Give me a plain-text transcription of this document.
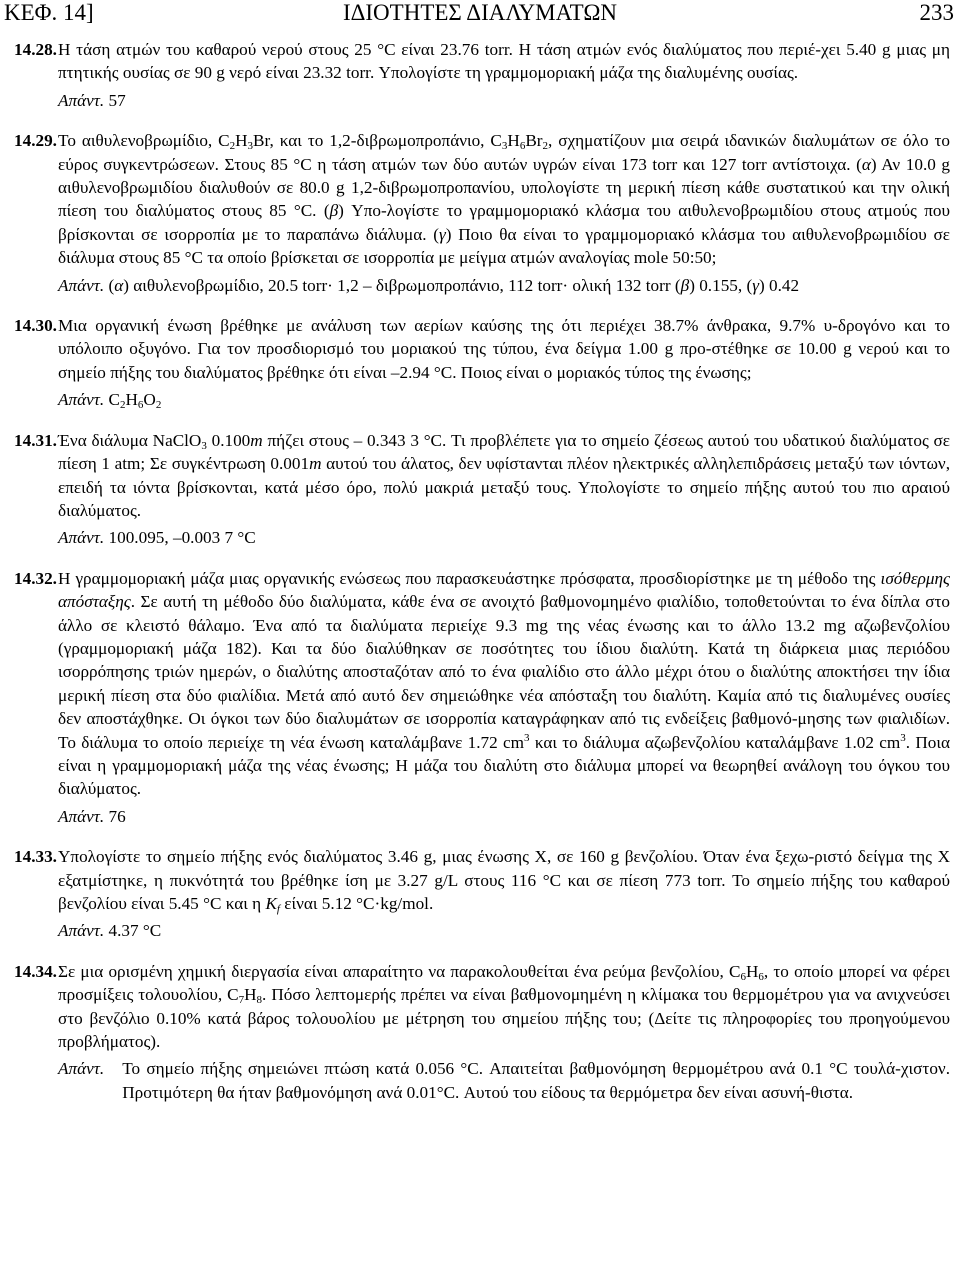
ΚΕΦ. 14]	ΙΔΙΟΤΗΤΕΣ ΔΙΑΛΥΜΑΤΩΝ	233
14.28. Η τάση ατμών του καθαρού νερού στους 25 °C είναι 23.76 torr. Η τάση ατμών ενός διαλύματος που περιέ-χει 5.40 g μιας μη πτητικής ουσίας σε 90 g νερό είναι 23.32 torr. Υπολογίστε τη γραμμομοριακή μάζα της διαλυμένης ουσίας.
Απάντ. 57
14.29. Το αιθυλενοβρωμίδιο, $C_2H_3Br$, και το 1,2-διβρωμοπροπάνιο, $C_3H_6Br_2$, σχηματίζουν μια σειρά ιδανικών διαλυμάτων σε όλο το εύρος συγκεντρώσεων. Στους 85 °C η τάση ατμών των δύο αυτών υγρών είναι 173 torr και 127 torr αντίστοιχα. (α) Αν 10.0 g αιθυλενοβρωμιδίου διαλυθούν σε 80.0 g 1,2-διβρωμοπροπανίου, υπολογίστε τη μερική πίεση κάθε συστατικού και την ολική πίεση του διαλύματος στους 85 °C. (β) Υπο-λογίστε το γραμμομοριακό κλάσμα του αιθυλενοβρωμιδίου στους ατμούς που βρίσκονται σε ισορροπία με το παραπάνω διάλυμα. (γ) Ποιο θα είναι το γραμμομοριακό κλάσμα του αιθυλενοβρωμιδίου σε διάλυμα στους 85 °C τα οποίο βρίσκεται σε ισορροπία με μείγμα ατμών αναλογίας mole 50:50;
Απάντ. (α) αιθυλενοβρωμίδιο, 20.5 torr· 1,2 – διβρωμοπροπάνιο, 112 torr· ολική 132 torr (β) 0.155, (γ) 0.42
14.30. Μια οργανική ένωση βρέθηκε με ανάλυση των αερίων καύσης της ότι περιέχει 38.7% άνθρακα, 9.7% υ-δρογόνο και το υπόλοιπο οξυγόνο. Για τον προσδιορισμό του μοριακού της τύπου, ένα δείγμα 1.00 g προ-στέθηκε σε 10.00 g νερού και το σημείο πήξης του διαλύματος βρέθηκε ότι είναι –2.94 °C. Ποιος είναι ο μοριακός τύπος της ένωσης;
Απάντ. $C_2H_6O_2$
14.31. Ένα διάλυμα NaClO$_3$ 0.100m πήζει στους – 0.343 3 °C. Τι προβλέπετε για το σημείο ζέσεως αυτού του υδατικού διαλύματος σε πίεση 1 atm; Σε συγκέντρωση 0.001m αυτού του άλατος, δεν υφίστανται πλέον ηλεκτρικές αλληλεπιδράσεις μεταξύ των ιόντων, επειδή τα ιόντα βρίσκονται, κατά μέσο όρο, πολύ μακριά μεταξύ τους. Υπολογίστε το σημείο πήξης αυτού του πιο αραιού διαλύματος.
Απάντ. 100.095, –0.003 7 °C
14.32. Η γραμμομοριακή μάζα μιας οργανικής ενώσεως που παρασκευάστηκε πρόσφατα, προσδιορίστηκε με τη μέθοδο της ισόθερμης απόσταξης. Σε αυτή τη μέθοδο δύο διαλύματα, κάθε ένα σε ανοιχτό βαθμονομημένο φιαλίδιο, τοποθετούνται το ένα δίπλα στο άλλο σε κλειστό θάλαμο. Ένα από τα διαλύματα περιείχε 9.3 mg της νέας ένωσης και το άλλο 13.2 mg αζωβενζολίου (γραμμομοριακή μάζα 182). Και τα δύο διαλύθηκαν σε ποσότητες του ίδιου διαλύτη. Κατά τη διάρκεια μιας περιόδου ισορρόπησης τριών ημερών, ο διαλύτης αποσταζόταν από το ένα φιαλίδιο στο άλλο μέχρι ότου ο διαλύτης αποκτήσει την ίδια μερική πίεση στα δύο φιαλίδια. Μετά από αυτό δεν σημειώθηκε νέα απόσταξη του διαλύτη. Καμία από τις διαλυμένες ουσίες δεν αποστάχθηκε. Οι όγκοι των δύο διαλυμάτων σε ισορροπία καταγράφηκαν από τις ενδείξεις βαθμονό-μησης των φιαλιδίων. Το διάλυμα το οποίο περιείχε τη νέα ένωση καταλάμβανε 1.72 $cm^3$ και το διάλυμα αζωβενζολίου καταλάμβανε 1.02 $cm^3$. Ποια είναι η γραμμομοριακή μάζα της νέας ένωσης; Η μάζα του διαλύτη στο διάλυμα μπορεί να θεωρηθεί ανάλογη του όγκου του διαλύματος.
Απάντ. 76
14.33. Υπολογίστε το σημείο πήξης ενός διαλύματος 3.46 g, μιας ένωσης X, σε 160 g βενζολίου. Όταν ένα ξεχω-ριστό δείγμα της X εξατμίστηκε, η πυκνότητά του βρέθηκε ίση με 3.27 g/L στους 116 °C και σε πίεση 773 torr. Το σημείο πήξης του καθαρού βενζολίου είναι 5.45 °C και η $K_f$ είναι 5.12 °C·kg/mol.
Απάντ. 4.37 °C
14.34. Σε μια ορισμένη χημική διεργασία είναι απαραίτητο να παρακολουθείται ένα ρεύμα βενζολίου, $C_6H_6$, το οποίο μπορεί να φέρει προσμίξεις τολουολίου, $C_7H_8$. Πόσο λεπτομερής πρέπει να είναι βαθμονομημένη η κλίμακα του θερμομέτρου για να ανιχνεύσει στο βενζόλιο 0.10% κατά βάρος τολουολίου με μέτρηση του σημείου πήξης του; (Δείτε τις πληροφορίες του προηγούμενου προβλήματος).
Απάντ. Το σημείο πήξης σημειώνει πτώση κατά 0.056 °C. Απαιτείται βαθμονόμηση θερμομέτρου ανά 0.1 °C τουλά-χιστον. Προτιμότερη θα ήταν βαθμονόμηση ανά 0.01°C. Αυτού του είδους τα θερμόμετρα δεν είναι ασυνή-θιστα.
